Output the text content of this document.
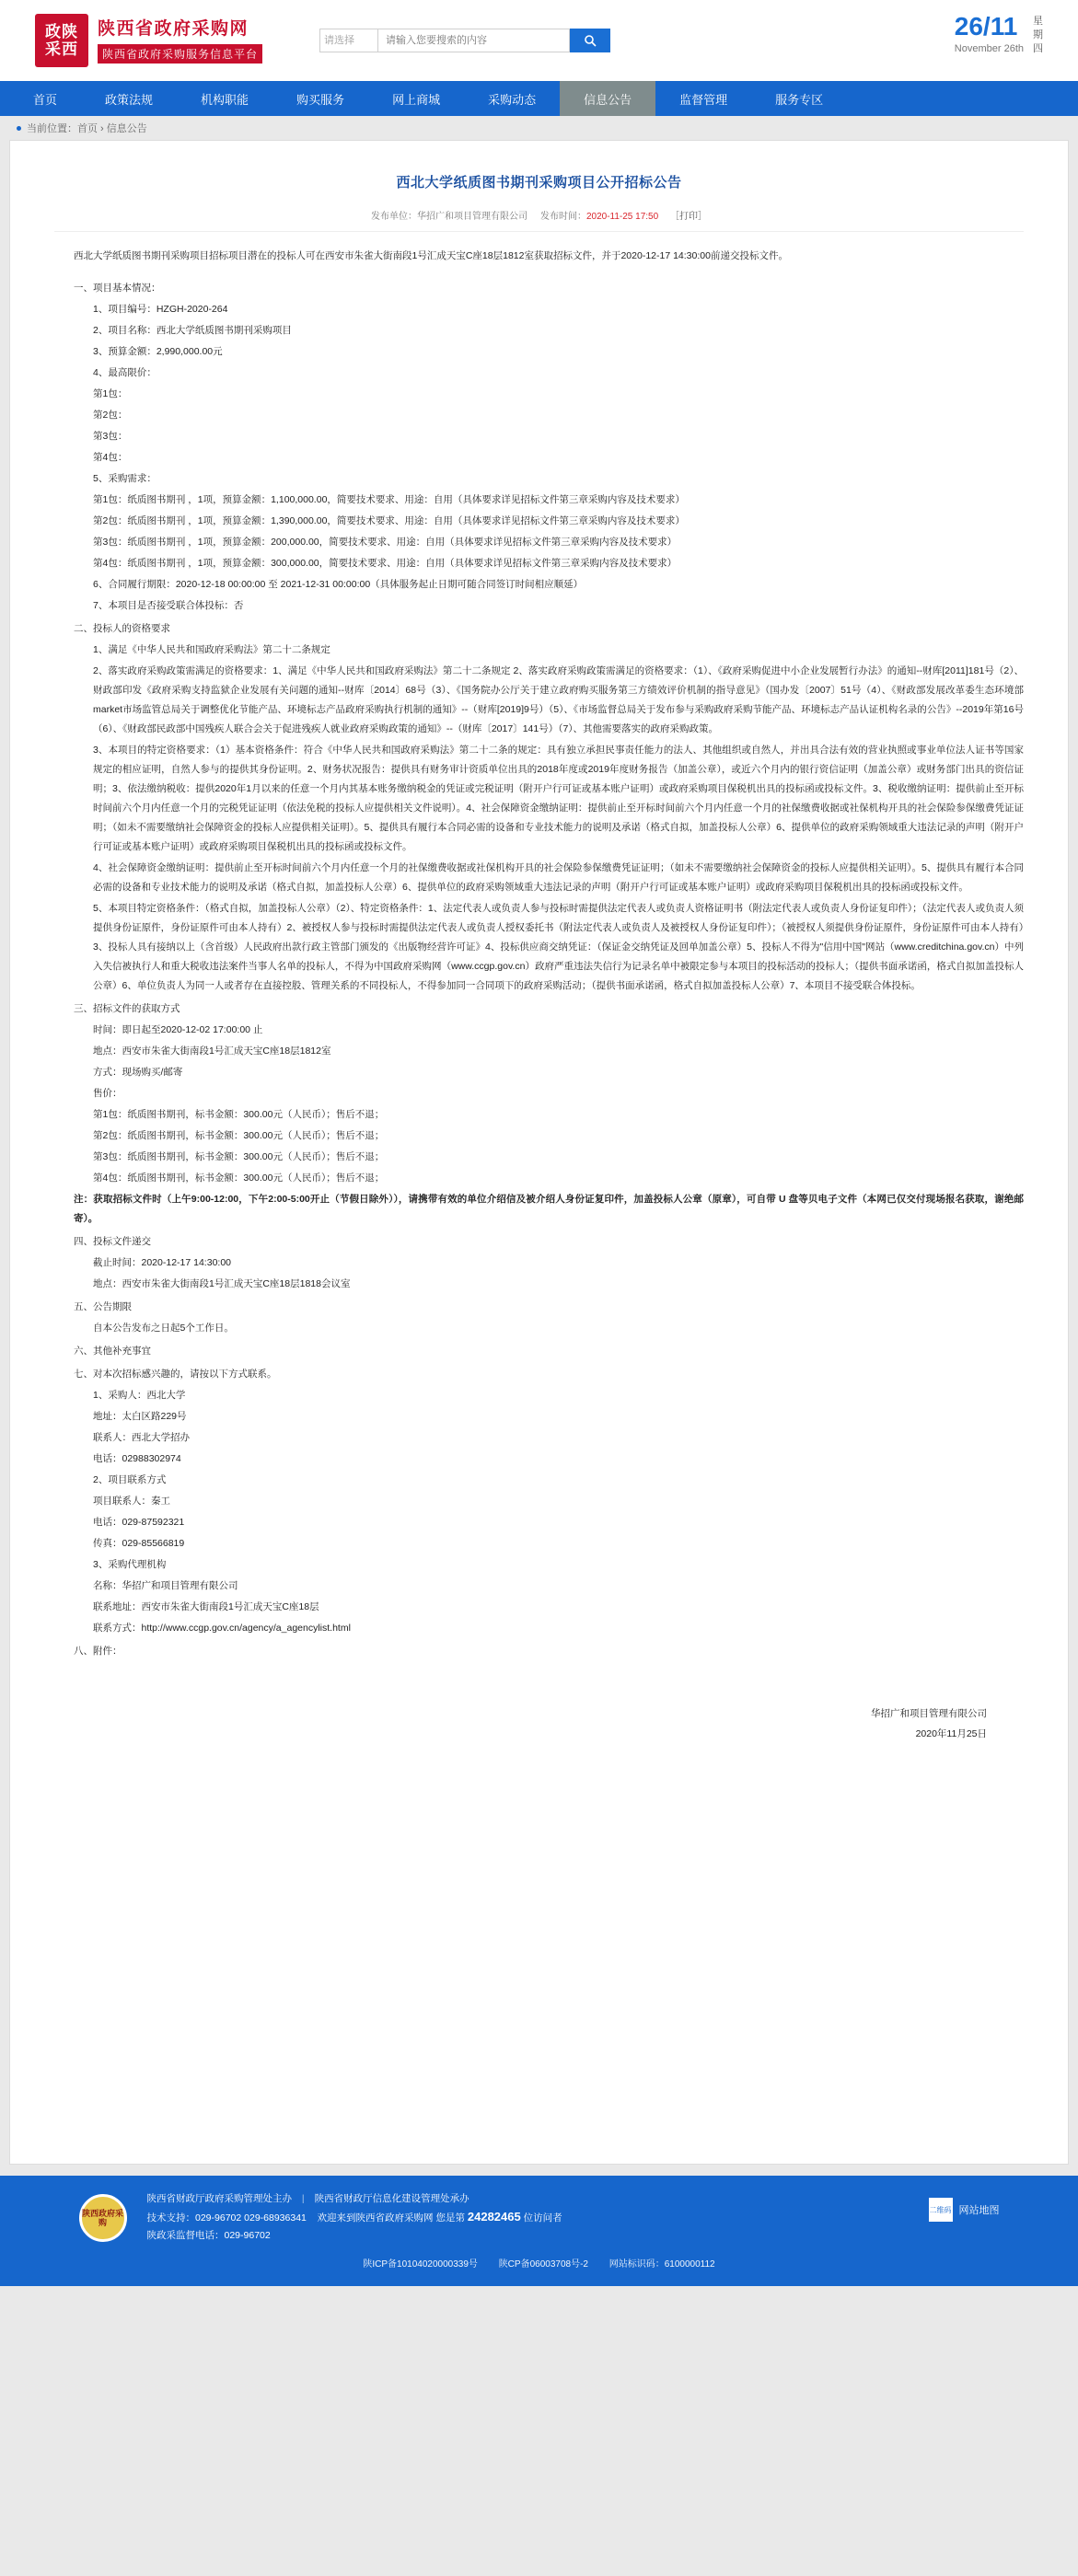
政陕
采西
陕西省政府采购网
陕西省政府采购服务信息平台
请选择
请输入您要搜索的内容	26/11
November 26th
星
期
四
首页	政策法规	机构职能	购买服务	网上商城	采购动态	信息公告	监督管理	服务专区
当前位置： 首页 › 信息公告
西北大学纸质图书期刊采购项目公开招标公告
发布单位：华招广和项目管理有限公司 发布时间：2020-11-25 17:50 ［打印］

西北大学纸质图书期刊采购项目招标项目潜在的投标人可在西安市朱雀大街南段1号汇成天宝C座18层1812室获取招标文件，并于2020-12-17 14:30:00前递交投标文件。

一、项目基本情况：

1、项目编号：HZGH-2020-264

2、项目名称：西北大学纸质图书期刊采购项目

3、预算金额：2,990,000.00元

4、最高限价：

第1包：

第2包：

第3包：

第4包：

5、采购需求：

第1包：纸质图书期刊 ，1项，预算金额：1,100,000.00，简要技术要求、用途：自用（具体要求详见招标文件第三章采购内容及技术要求）

第2包：纸质图书期刊 ，1项，预算金额：1,390,000.00，简要技术要求、用途：自用（具体要求详见招标文件第三章采购内容及技术要求）

第3包：纸质图书期刊 ，1项，预算金额：200,000.00，简要技术要求、用途：自用（具体要求详见招标文件第三章采购内容及技术要求）

第4包：纸质图书期刊 ，1项，预算金额：300,000.00，简要技术要求、用途：自用（具体要求详见招标文件第三章采购内容及技术要求）

6、合同履行期限：2020-12-18 00:00:00 至 2021-12-31 00:00:00（具体服务起止日期可随合同签订时间相应顺延）

7、本项目是否接受联合体投标：否

二、投标人的资格要求

1、满足《中华人民共和国政府采购法》第二十二条规定

2、落实政府采购政策需满足的资格要求：1、满足《中华人民共和国政府采购法》第二十二条规定 2、落实政府采购政策需满足的资格要求：（1）、《政府采购促进中小企业发展暂行办法》的通知--财库[2011]181号（2）、财政部印发《政府采购支持监狱企业发展有关问题的通知--财库〔2014〕68号（3）、《国务院办公厅关于建立政府购买服务第三方绩效评价机制的指导意见》（国办发〔2007〕51号（4）、《财政部发展改革委生态环境部market市场监管总局关于调整优化节能产品、环境标志产品政府采购执行机制的通知》--（财库[2019]9号）（5）、《市场监督总局关于发布参与采购政府采购节能产品、环境标志产品认证机构名录的公告》--2019年第16号（6）、《财政部民政部中国残疾人联合会关于促进残疾人就业政府采购政策的通知》--（财库〔2017〕141号）（7）、其他需要落实的政府采购政策。

3、本项目的特定资格要求：（1）基本资格条件：符合《中华人民共和国政府采购法》第二十二条的规定：具有独立承担民事责任能力的法人、其他组织或自然人，并出具合法有效的营业执照或事业单位法人证书等国家规定的相应证明，自然人参与的提供其身份证明。2、财务状况报告：提供具有财务审计资质单位出具的2018年度或2019年度财务报告（加盖公章），或近六个月内的银行资信证明（加盖公章）或财务部门出具的资信证明；3、依法缴纳税收：提供2020年1月以来的任意一个月内其基本账务缴纳税金的凭证或完税证明（附开户行可证或基本账户证明）或政府采购项目保税机出具的投标函或投标文件。3、税收缴纳证明：提供前止至开标时间前六个月内任意一个月的完税凭证证明（依法免税的投标人应提供相关文件说明）。4、社会保障资金缴纳证明：提供前止至开标时间前六个月内任意一个月的社保缴费收据或社保机构开具的社会保险参保缴费凭证证明；（如未不需要缴纳社会保障资金的投标人应提供相关证明）。5、提供具有履行本合同必需的设备和专业技术能力的说明及承诺（格式自拟，加盖投标人公章）6、提供单位的政府采购领域重大违法记录的声明（附开户行可证或基本账户证明）或政府采购项目保税机出具的投标函或投标文件。

4、社会保障资金缴纳证明：提供前止至开标时间前六个月内任意一个月的社保缴费收据或社保机构开具的社会保险参保缴费凭证证明；（如未不需要缴纳社会保障资金的投标人应提供相关证明）。5、提供具有履行本合同必需的设备和专业技术能力的说明及承诺（格式自拟，加盖投标人公章）6、提供单位的政府采购领域重大违法记录的声明（附开户行可证或基本账户证明）或政府采购项目保税机出具的投标函或投标文件。

5、本项目特定资格条件：（格式自拟，加盖投标人公章）（2）、特定资格条件：1、法定代表人或负责人参与投标时需提供法定代表人或负责人资格证明书（附法定代表人或负责人身份证复印件）；（法定代表人或负责人须提供身份证原件，身份证原件可由本人持有）2、被授权人参与投标时需提供法定代表人或负责人授权委托书（附法定代表人或负责人及被授权人身份证复印件）；（被授权人须提供身份证原件，身份证原件可由本人持有）3、投标人具有接纳以上（含首级）人民政府出款行政主管部门颁发的《出版物经营许可证》4、投标供应商交纳凭证：（保证金交纳凭证及回单加盖公章）5、投标人不得为"信用中国"网站（www.creditchina.gov.cn）中列入失信被执行人和重大税收违法案件当事人名单的投标人，不得为中国政府采购网（www.ccgp.gov.cn）政府严重违法失信行为记录名单中被限定参与本项目的投标活动的投标人；（提供书面承诺函，格式自拟加盖投标人公章）6、单位负责人为同一人或者存在直接控股、管理关系的不同投标人，不得参加同一合同项下的政府采购活动；（提供书面承诺函，格式自拟加盖投标人公章）7、本项目不接受联合体投标。

三、招标文件的获取方式

时间：即日起至2020-12-02 17:00:00 止

地点：西安市朱雀大街南段1号汇成天宝C座18层1812室

方式：现场购买/邮寄

售价：

第1包：纸质图书期刊，标书金额：300.00元（人民币）；售后不退；

第2包：纸质图书期刊，标书金额：300.00元（人民币）；售后不退；

第3包：纸质图书期刊，标书金额：300.00元（人民币）；售后不退；

第4包：纸质图书期刊，标书金额：300.00元（人民币）；售后不退；

注：获取招标文件时（上午9:00-12:00，下午2:00-5:00开止（节假日除外）），请携带有效的单位介绍信及被介绍人身份证复印件，加盖投标人公章（原章），可自带 U 盘等贝电子文件（本网已仅交付现场报名获取，谢绝邮寄）。

四、投标文件递交

截止时间：2020-12-17 14:30:00

地点：西安市朱雀大街南段1号汇成天宝C座18层1818会议室

五、公告期限

自本公告发布之日起5个工作日。

六、其他补充事宜

七、对本次招标感兴趣的，请按以下方式联系。

1、采购人：西北大学

地址：太白区路229号

联系人：西北大学招办

电话：02988302974

2、项目联系方式

项目联系人：秦工

电话：029-87592321

传真：029-85566819

3、采购代理机构

名称：华招广和项目管理有限公司

联系地址：西安市朱雀大街南段1号汇成天宝C座18层

联系方式：http://www.ccgp.gov.cn/agency/a_agencylist.html

八、附件：

华招广和项目管理有限公司
2020年11月25日
陕西政府采购
陕西省财政厅政府采购管理处主办 | 陕西省财政厅信息化建设管理处承办
技术支持：029-96702 029-68936341 欢迎来到陕西省政府采购网 您是第 24282465 位访问者
陕政采监督电话：029-96702
二维码 网站地图
陕ICP备10104020000339号 陕CP备06003708号-2 网站标识码：6100000112
